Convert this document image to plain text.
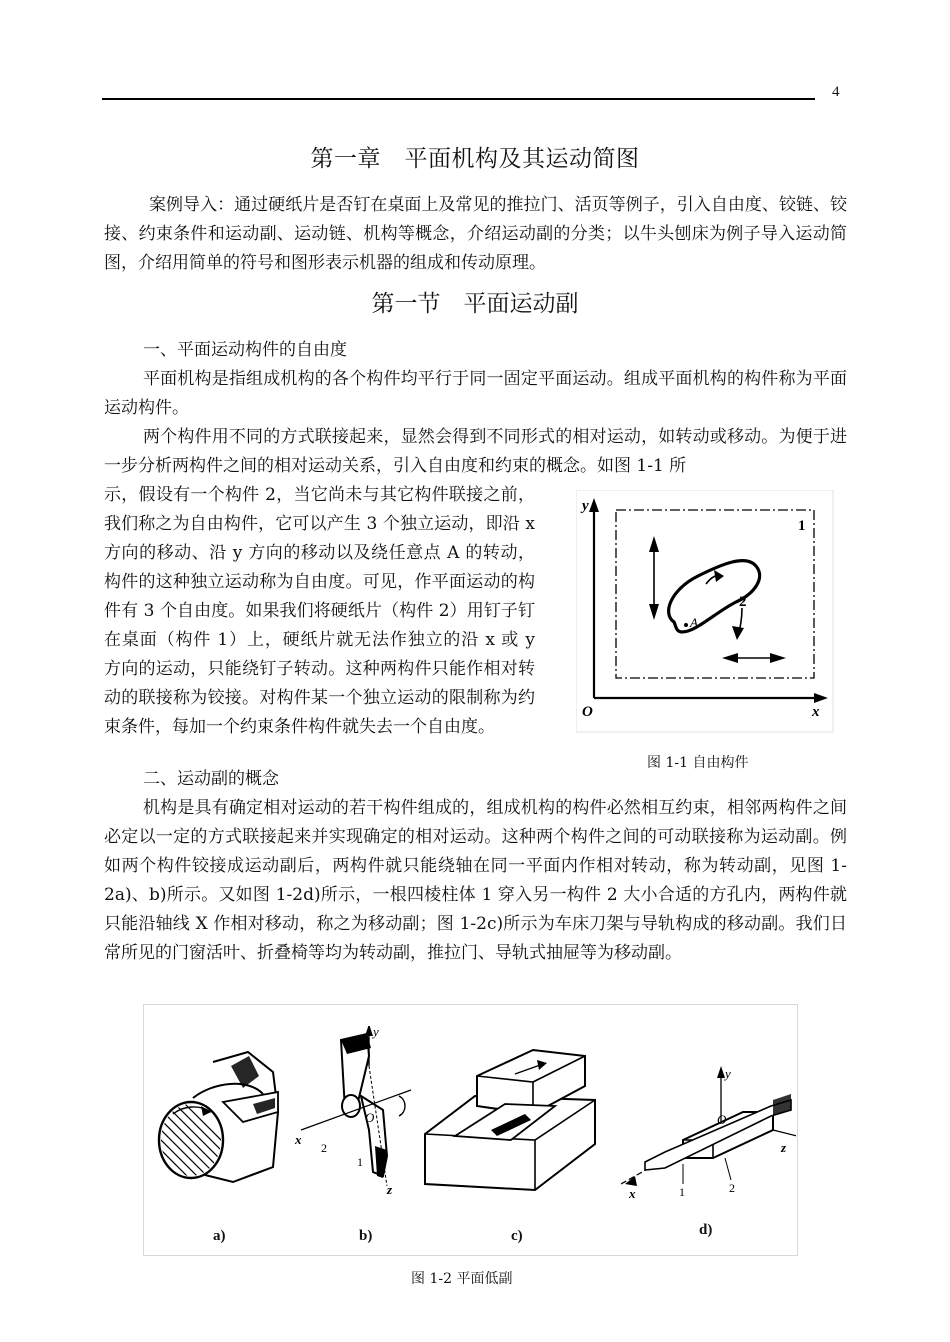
4
第一章　平面机构及其运动简图

案例导入：通过硬纸片是否钉在桌面上及常见的推拉门、活页等例子，引入自由度、铰链、铰接、约束条件和运动副、运动链、机构等概念，介绍运动副的分类；以牛头刨床为例子导入运动简图，介绍用简单的符号和图形表示机器的组成和传动原理。

第一节　平面运动副
一、平面运动构件的自由度

平面机构是指组成机构的各个构件均平行于同一固定平面运动。组成平面机构的构件称为平面运动构件。

两个构件用不同的方式联接起来，显然会得到不同形式的相对运动，如转动或移动。为便于进一步分析两构件之间的相对运动关系，引入自由度和约束的概念。如图 1-1 所

示，假设有一个构件 2，当它尚未与其它构件联接之前，我们称之为自由构件，它可以产生 3 个独立运动，即沿 x 方向的移动、沿 y 方向的移动以及绕任意点 A 的转动，构件的这种独立运动称为自由度。可见，作平面运动的构件有 3 个自由度。如果我们将硬纸片（构件 2）用钉子钉在桌面（构件 1）上，硬纸片就无法作独立的沿 x 或 y 方向的运动，只能绕钉子转动。这种两构件只能作相对转动的联接称为铰接。对构件某一个独立运动的限制称为约束条件，每加一个约束条件构件就失去一个自由度。

y
x
O
1
A
2
图 1-1 自由构件
二、运动副的概念

机构是具有确定相对运动的若干构件组成的，组成机构的构件必然相互约束，相邻两构件之间必定以一定的方式联接起来并实现确定的相对运动。这种两个构件之间的可动联接称为运动副。例如两个构件铰接成运动副后，两构件就只能绕轴在同一平面内作相对转动，称为转动副，见图 1-2a)、b)所示。又如图 1-2d)所示，一根四棱柱体 1 穿入另一构件 2 大小合适的方孔内，两构件就只能沿轴线 X 作相对移动，称之为移动副；图 1-2c)所示为车床刀架与导轨构成的移动副。我们日常所见的门窗活叶、折叠椅等均为转动副，推拉门、导轨式抽屉等为移动副。

a)
y
x
z
O
2
1
b)	c)
y
O
z
x	1	2
d)
图 1-2 平面低副
